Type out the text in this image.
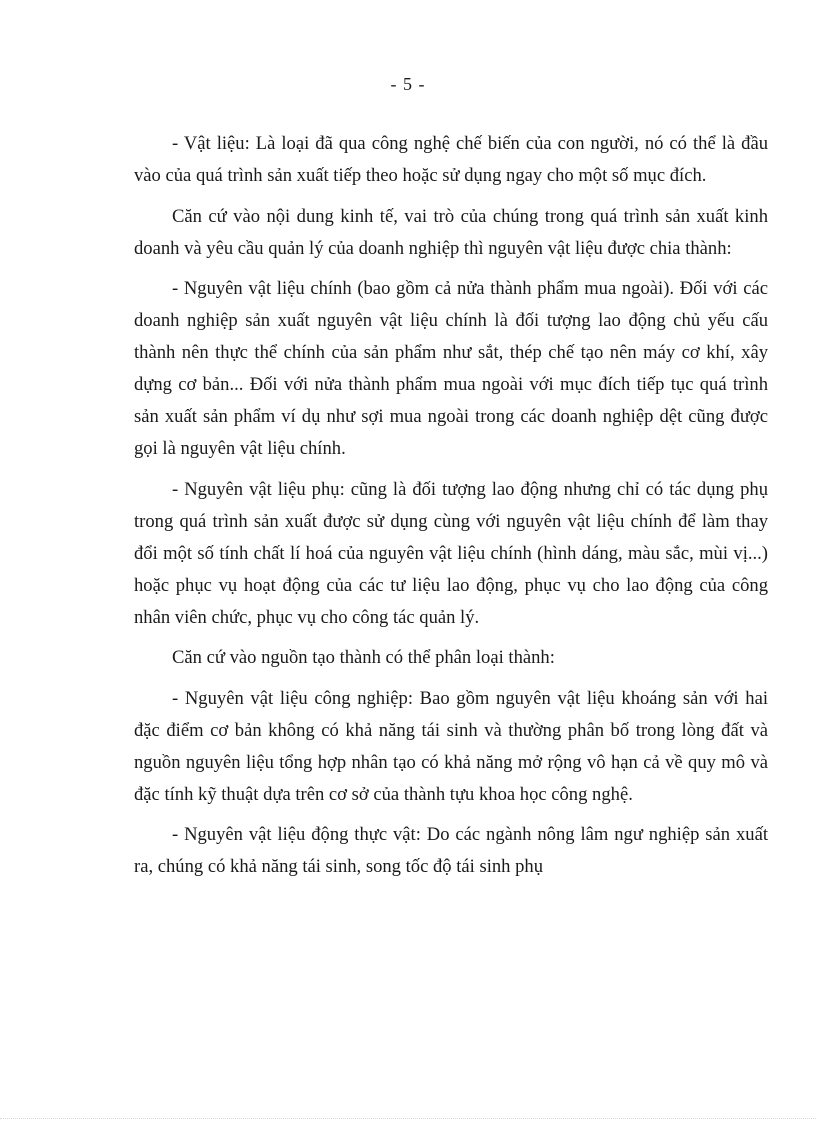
- 5 -

- Vật liệu: Là loại đã qua công nghệ chế biến của con người, nó có thể là đầu vào của quá trình sản xuất tiếp theo hoặc sử dụng ngay cho một số mục đích.

Căn cứ vào nội dung kinh tế, vai trò của chúng trong quá trình sản xuất kinh doanh và yêu cầu quản lý của doanh nghiệp thì nguyên vật liệu được chia thành:

- Nguyên vật liệu chính (bao gồm cả nửa thành phẩm mua ngoài). Đối với các doanh nghiệp sản xuất nguyên vật liệu chính là đối tượng lao động chủ yếu cấu thành nên thực thể chính của sản phẩm như sắt, thép chế tạo nên máy cơ khí, xây dựng cơ bản... Đối với nửa thành phẩm mua ngoài với mục đích tiếp tục quá trình sản xuất sản phẩm ví dụ như sợi mua ngoài trong các doanh nghiệp dệt cũng được gọi là nguyên vật liệu chính.

- Nguyên vật liệu phụ: cũng là đối tượng lao động nhưng chỉ có tác dụng phụ trong quá trình sản xuất được sử dụng cùng với nguyên vật liệu chính để làm thay đổi một số tính chất lí hoá của nguyên vật liệu chính (hình dáng, màu sắc, mùi vị...) hoặc phục vụ hoạt động của các tư liệu lao động, phục vụ cho lao động của công nhân viên chức, phục vụ cho công tác quản lý.

Căn cứ vào nguồn tạo thành có thể phân loại thành:

- Nguyên vật liệu công nghiệp: Bao gồm nguyên vật liệu khoáng sản với hai đặc điểm cơ bản không có khả năng tái sinh và thường phân bố trong lòng đất và nguồn nguyên liệu tổng hợp nhân tạo có khả năng mở rộng vô hạn cả về quy mô và đặc tính kỹ thuật dựa trên cơ sở của thành tựu khoa học công nghệ.

- Nguyên vật liệu động thực vật: Do các ngành nông lâm ngư nghiệp sản xuất ra, chúng có khả năng tái sinh, song tốc độ tái sinh phụ
